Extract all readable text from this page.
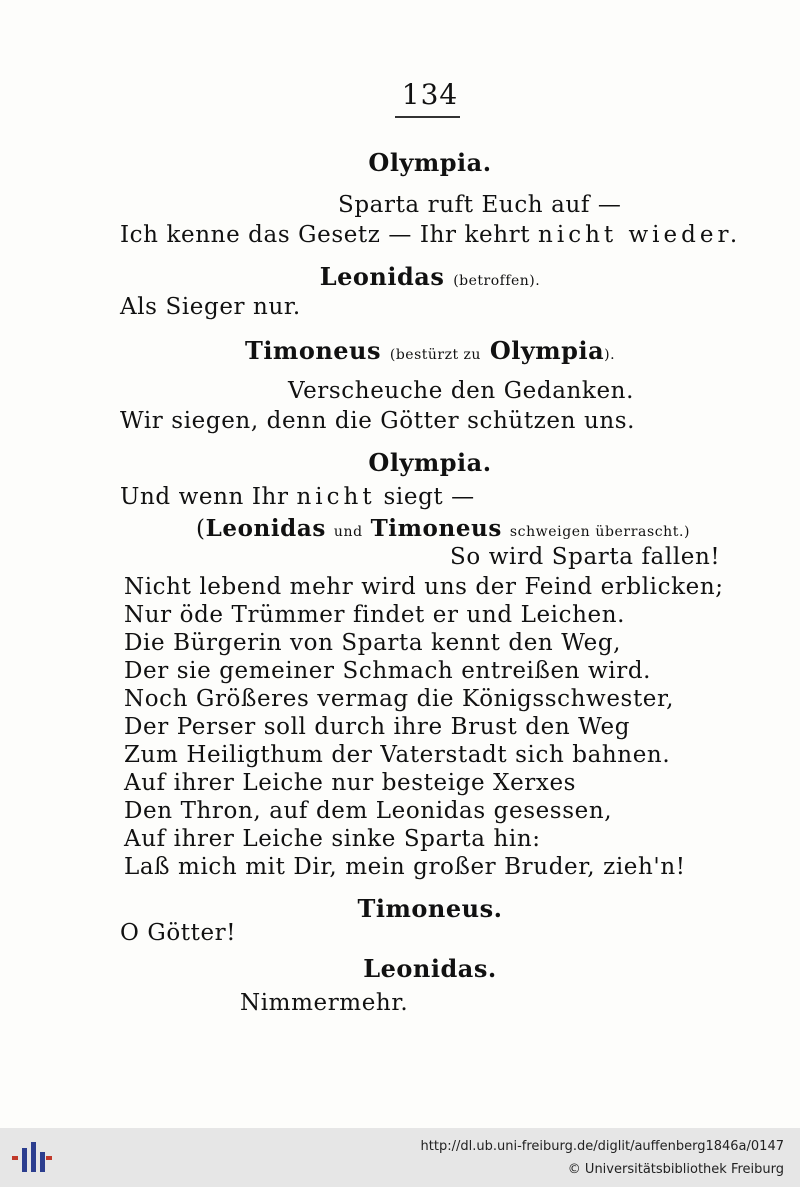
134
Olympia.
Sparta ruft Euch auf —
Ich kenne das Gesetz — Ihr kehrt nicht wieder.
Leonidas (betroffen).
Als Sieger nur.
Timoneus (bestürzt zu Olympia).
Verscheuche den Gedanken.
Wir siegen, denn die Götter schützen uns.
Olympia.
Und wenn Ihr nicht siegt —
(Leonidas und Timoneus schweigen überrascht.)
So wird Sparta fallen!
Nicht lebend mehr wird uns der Feind erblicken;
Nur öde Trümmer findet er und Leichen.
Die Bürgerin von Sparta kennt den Weg,
Der sie gemeiner Schmach entreißen wird.
Noch Größeres vermag die Königsschwester,
Der Perser soll durch ihre Brust den Weg
Zum Heiligthum der Vaterstadt sich bahnen.
Auf ihrer Leiche nur besteige Xerxes
Den Thron, auf dem Leonidas gesessen,
Auf ihrer Leiche sinke Sparta hin:
Laß mich mit Dir, mein großer Bruder, zieh'n!
Timoneus.
O Götter!
Leonidas.
Nimmermehr.
http://dl.ub.uni-freiburg.de/diglit/auffenberg1846a/0147
© Universitätsbibliothek Freiburg
